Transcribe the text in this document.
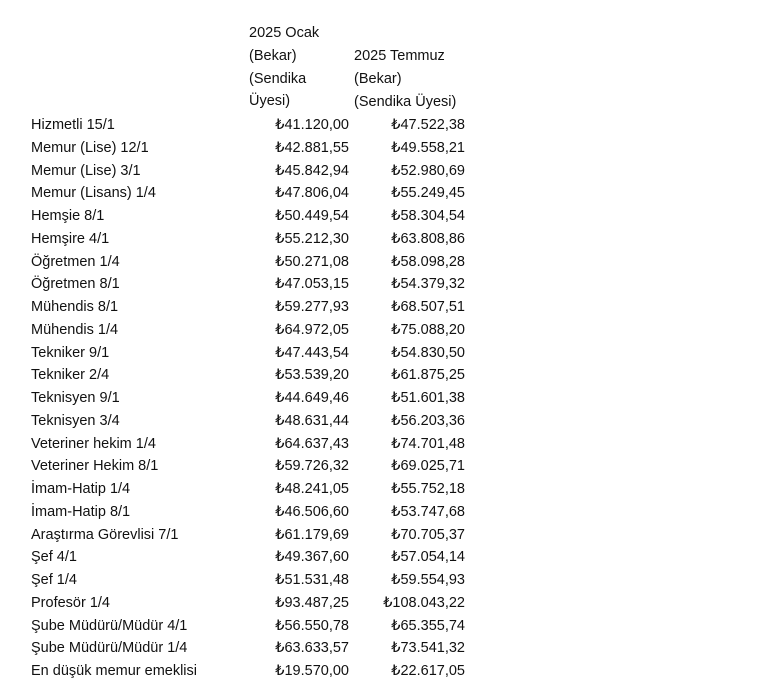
2025 Ocak
(Bekar)
(Sendika
Üyesi)
2025 Temmuz
(Bekar)
(Sendika Üyesi)
Hizmetli 15/1	₺41.120,00	₺47.522,38
Memur (Lise) 12/1	₺42.881,55	₺49.558,21
Memur (Lise) 3/1	₺45.842,94	₺52.980,69
Memur (Lisans) 1/4	₺47.806,04	₺55.249,45
Hemşie 8/1	₺50.449,54	₺58.304,54
Hemşire 4/1	₺55.212,30	₺63.808,86
Öğretmen 1/4	₺50.271,08	₺58.098,28
Öğretmen 8/1	₺47.053,15	₺54.379,32
Mühendis 8/1	₺59.277,93	₺68.507,51
Mühendis 1/4	₺64.972,05	₺75.088,20
Tekniker 9/1	₺47.443,54	₺54.830,50
Tekniker 2/4	₺53.539,20	₺61.875,25
Teknisyen 9/1	₺44.649,46	₺51.601,38
Teknisyen 3/4	₺48.631,44	₺56.203,36
Veteriner hekim 1/4	₺64.637,43	₺74.701,48
Veteriner Hekim 8/1	₺59.726,32	₺69.025,71
İmam-Hatip 1/4	₺48.241,05	₺55.752,18
İmam-Hatip 8/1	₺46.506,60	₺53.747,68
Araştırma Görevlisi 7/1	₺61.179,69	₺70.705,37
Şef 4/1	₺49.367,60	₺57.054,14
Şef 1/4	₺51.531,48	₺59.554,93
Profesör 1/4	₺93.487,25 ₺108.043,22
Şube Müdürü/Müdür 4/1	₺56.550,78	₺65.355,74
Şube Müdürü/Müdür 1/4	₺63.633,57	₺73.541,32
En düşük memur emeklisi	₺19.570,00	₺22.617,05
